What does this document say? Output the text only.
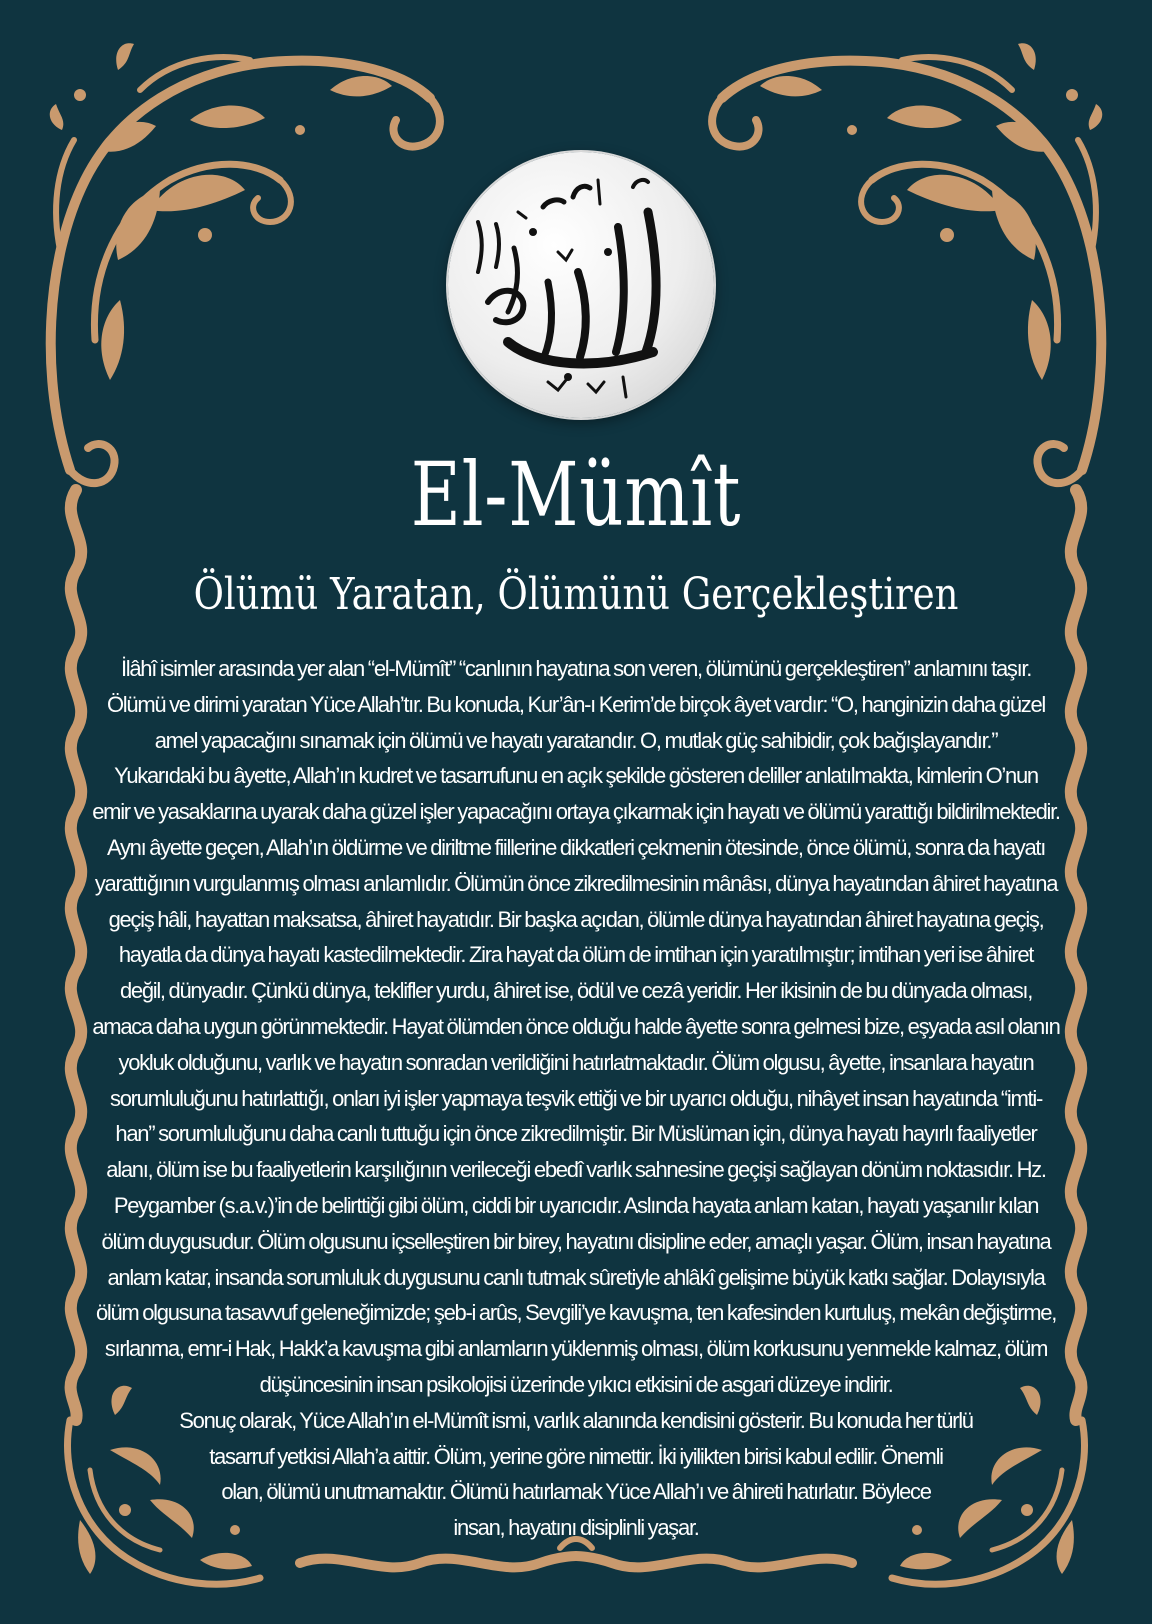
El-Mümît
Ölümü Yaratan, Ölümünü Gerçekleştiren
İlâhî isimler arasında yer alan “el-Mümît” “canlının hayatına son veren, ölümünü gerçekleştiren” anlamını taşır.
Ölümü ve dirimi yaratan Yüce Allah’tır. Bu konuda, Kur’ân-ı Kerim’de birçok âyet vardır: “O, hanginizin daha güzel
amel yapacağını sınamak için ölümü ve hayatı yaratandır. O, mutlak güç sahibidir, çok bağışlayandır.”
Yukarıdaki bu âyette, Allah’ın kudret ve tasarrufunu en açık şekilde gösteren deliller anlatılmakta, kimlerin O’nun
emir ve yasaklarına uyarak daha güzel işler yapacağını ortaya çıkarmak için hayatı ve ölümü yarattığı bildirilmektedir.
Aynı âyette geçen, Allah’ın öldürme ve diriltme fiillerine dikkatleri çekmenin ötesinde, önce ölümü, sonra da hayatı
yarattığının vurgulanmış olması anlamlıdır. Ölümün önce zikredilmesinin mânâsı, dünya hayatından âhiret hayatına
geçiş hâli, hayattan maksatsa, âhiret hayatıdır. Bir başka açıdan, ölümle dünya hayatından âhiret hayatına geçiş,
hayatla da dünya hayatı kastedilmektedir. Zira hayat da ölüm de imtihan için yaratılmıştır; imtihan yeri ise âhiret
değil, dünyadır. Çünkü dünya, teklifler yurdu, âhiret ise, ödül ve cezâ yeridir. Her ikisinin de bu dünyada olması,
amaca daha uygun görünmektedir. Hayat ölümden önce olduğu halde âyette sonra gelmesi bize, eşyada asıl olanın
yokluk olduğunu, varlık ve hayatın sonradan verildiğini hatırlatmaktadır. Ölüm olgusu, âyette, insanlara hayatın
sorumluluğunu hatırlattığı, onları iyi işler yapmaya teşvik ettiği ve bir uyarıcı olduğu, nihâyet insan hayatında “imti-
han” sorumluluğunu daha canlı tuttuğu için önce zikredilmiştir. Bir Müslüman için, dünya hayatı hayırlı faaliyetler
alanı, ölüm ise bu faaliyetlerin karşılığının verileceği ebedî varlık sahnesine geçişi sağlayan dönüm noktasıdır. Hz.
Peygamber (s.a.v.)’in de belirttiği gibi ölüm, ciddi bir uyarıcıdır. Aslında hayata anlam katan, hayatı yaşanılır kılan
ölüm duygusudur. Ölüm olgusunu içselleştiren bir birey, hayatını disipline eder, amaçlı yaşar. Ölüm, insan hayatına
anlam katar, insanda sorumluluk duygusunu canlı tutmak sûretiyle ahlâkî gelişime büyük katkı sağlar. Dolayısıyla
ölüm olgusuna tasavvuf geleneğimizde; şeb-i arûs, Sevgili’ye kavuşma, ten kafesinden kurtuluş, mekân değiştirme,
sırlanma, emr-i Hak, Hakk’a kavuşma gibi anlamların yüklenmiş olması, ölüm korkusunu yenmekle kalmaz, ölüm
düşüncesinin insan psikolojisi üzerinde yıkıcı etkisini de asgari düzeye indirir.
Sonuç olarak, Yüce Allah’ın el-Mümît ismi, varlık alanında kendisini gösterir. Bu konuda her türlü
tasarruf yetkisi Allah’a aittir. Ölüm, yerine göre nimettir. İki iyilikten birisi kabul edilir. Önemli
olan, ölümü unutmamaktır. Ölümü hatırlamak Yüce Allah’ı ve âhireti hatırlatır. Böylece
insan, hayatını disiplinli yaşar.
